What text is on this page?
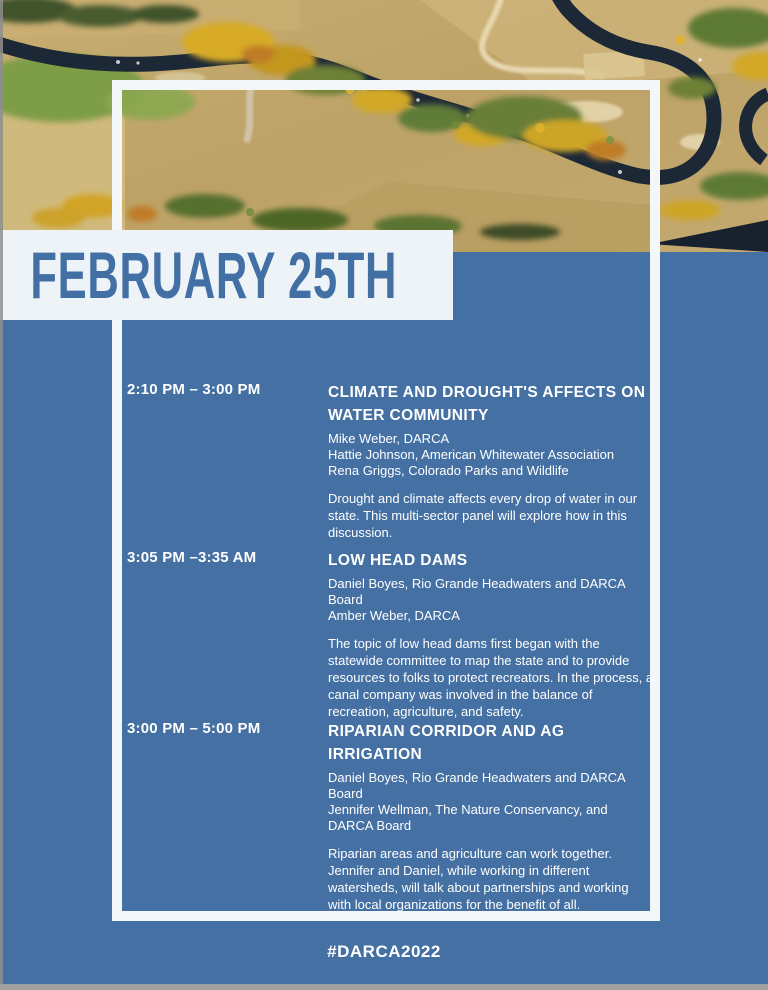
FEBRUARY 25TH
2:10 PM – 3:00 PM	CLIMATE AND DROUGHT'S AFFECTS ON WATER COMMUNITY
Mike Weber, DARCA
Hattie Johnson, American Whitewater Association
Rena Griggs, Colorado Parks and Wildlife

Drought and climate affects every drop of water in our state. This multi-sector panel will explore how in this discussion.

3:05 PM –3:35 AM	LOW HEAD DAMS
Daniel Boyes, Rio Grande Headwaters and DARCA Board
Amber Weber, DARCA

The topic of low head dams first began with the statewide committee to map the state and to provide resources to folks to protect recreators. In the process, a canal company was involved in the balance of recreation, agriculture, and safety.

3:00 PM – 5:00 PM	RIPARIAN CORRIDOR AND AG IRRIGATION
Daniel Boyes, Rio Grande Headwaters and DARCA Board
Jennifer Wellman, The Nature Conservancy, and DARCA Board

Riparian areas and agriculture can work together. Jennifer and Daniel, while working in different watersheds, will talk about partnerships and working with local organizations for the benefit of all.

#DARCA2022
